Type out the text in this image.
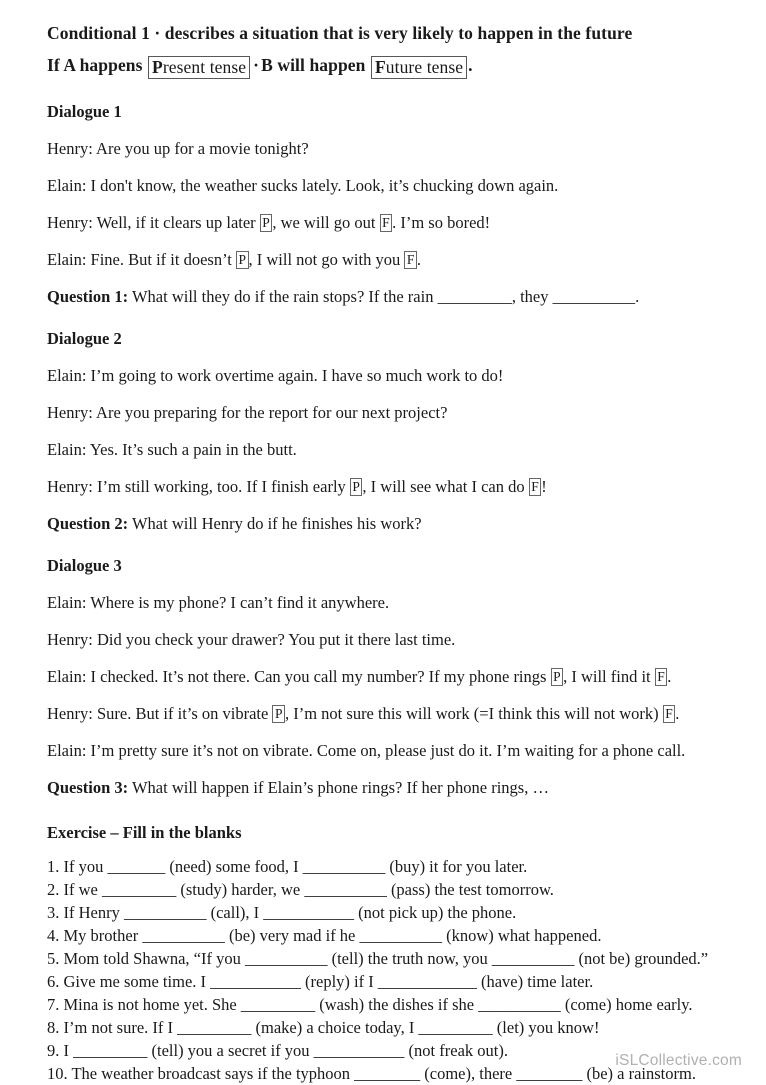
Conditional 1 · describes a situation that is very likely to happen in the future
If A happens Present tense · B will happen Future tense .
Dialogue 1
Henry: Are you up for a movie tonight?
Elain: I don't know, the weather sucks lately. Look, it’s chucking down again.
Henry: Well, if it clears up later P , we will go out F . I’m so bored!
Elain: Fine. But if it doesn’t P , I will not go with you F .
Question 1: What will they do if the rain stops? If the rain _________, they __________.
Dialogue 2
Elain: I’m going to work overtime again. I have so much work to do!
Henry: Are you preparing for the report for our next project?
Elain: Yes. It’s such a pain in the butt.
Henry: I’m still working, too. If I finish early P , I will see what I can do F !
Question 2: What will Henry do if he finishes his work?
Dialogue 3
Elain: Where is my phone? I can’t find it anywhere.
Henry: Did you check your drawer? You put it there last time.
Elain: I checked. It’s not there. Can you call my number? If my phone rings P , I will find it F .
Henry: Sure. But if it’s on vibrate P , I’m not sure this will work (=I think this will not work) F .
Elain: I’m pretty sure it’s not on vibrate. Come on, please just do it. I’m waiting for a phone call.
Question 3: What will happen if Elain’s phone rings? If her phone rings, …
Exercise – Fill in the blanks
1. If you _______ (need) some food, I __________ (buy) it for you later.
2. If we _________ (study) harder, we __________ (pass) the test tomorrow.
3. If Henry __________ (call), I ___________ (not pick up) the phone.
4. My brother __________ (be) very mad if he __________ (know) what happened.
5. Mom told Shawna, “If you __________ (tell) the truth now, you __________ (not be) grounded.”
6. Give me some time. I ___________ (reply) if I ____________ (have) time later.
7. Mina is not home yet. She _________ (wash) the dishes if she __________ (come) home early.
8. I’m not sure. If I _________ (make) a choice today, I _________ (let) you know!
9. I _________ (tell) you a secret if you ___________ (not freak out).
10. The weather broadcast says if the typhoon ________ (come), there ________ (be) a rainstorm.
iSLCollective.com
